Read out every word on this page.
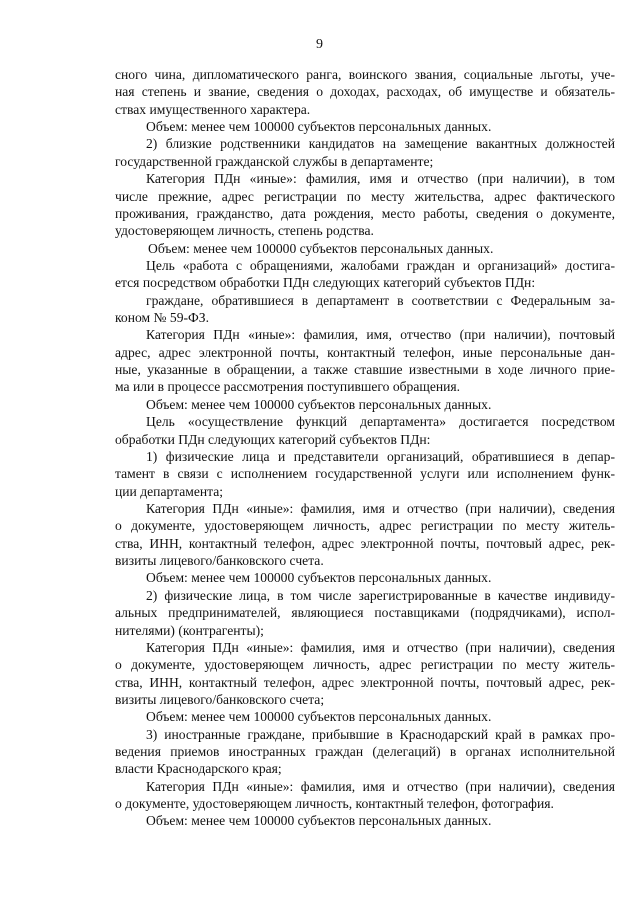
9
сного чина, дипломатического ранга, воинского звания, социальные льготы, уче-
ная степень и звание, сведения о доходах, расходах, об имуществе и обязатель-
ствах имущественного характера.
Объем: менее чем 100000 субъектов персональных данных.
2) близкие родственники кандидатов на замещение вакантных должностей
государственной гражданской службы в департаменте;
Категория ПДн «иные»: фамилия, имя и отчество (при наличии), в том
числе прежние, адрес регистрации по месту жительства, адрес фактического
проживания, гражданство, дата рождения, место работы, сведения о документе,
удостоверяющем личность, степень родства.
Объем: менее чем 100000 субъектов персональных данных.
Цель «работа с обращениями, жалобами граждан и организаций» достига-
ется посредством обработки ПДн следующих категорий субъектов ПДн:
граждане, обратившиеся в департамент в соответствии с Федеральным за-
коном № 59-ФЗ.
Категория ПДн «иные»: фамилия, имя, отчество (при наличии), почтовый
адрес, адрес электронной почты, контактный телефон, иные персональные дан-
ные, указанные в обращении, а также ставшие известными в ходе личного прие-
ма или в процессе рассмотрения поступившего обращения.
Объем: менее чем 100000 субъектов персональных данных.
Цель «осуществление функций департамента» достигается посредством
обработки ПДн следующих категорий субъектов ПДн:
1) физические лица и представители организаций, обратившиеся в депар-
тамент в связи с исполнением государственной услуги или исполнением функ-
ции департамента;
Категория ПДн «иные»: фамилия, имя и отчество (при наличии), сведения
о документе, удостоверяющем личность, адрес регистрации по месту житель-
ства, ИНН, контактный телефон, адрес электронной почты, почтовый адрес, рек-
визиты лицевого/банковского счета.
Объем: менее чем 100000 субъектов персональных данных.
2) физические лица, в том числе зарегистрированные в качестве индивиду-
альных предпринимателей, являющиеся поставщиками (подрядчиками), испол-
нителями) (контрагенты);
Категория ПДн «иные»: фамилия, имя и отчество (при наличии), сведения
о документе, удостоверяющем личность, адрес регистрации по месту житель-
ства, ИНН, контактный телефон, адрес электронной почты, почтовый адрес, рек-
визиты лицевого/банковского счета;
Объем: менее чем 100000 субъектов персональных данных.
3) иностранные граждане, прибывшие в Краснодарский край в рамках про-
ведения приемов иностранных граждан (делегаций) в органах исполнительной
власти Краснодарского края;
Категория ПДн «иные»: фамилия, имя и отчество (при наличии), сведения
о документе, удостоверяющем личность, контактный телефон, фотография.
Объем: менее чем 100000 субъектов персональных данных.
